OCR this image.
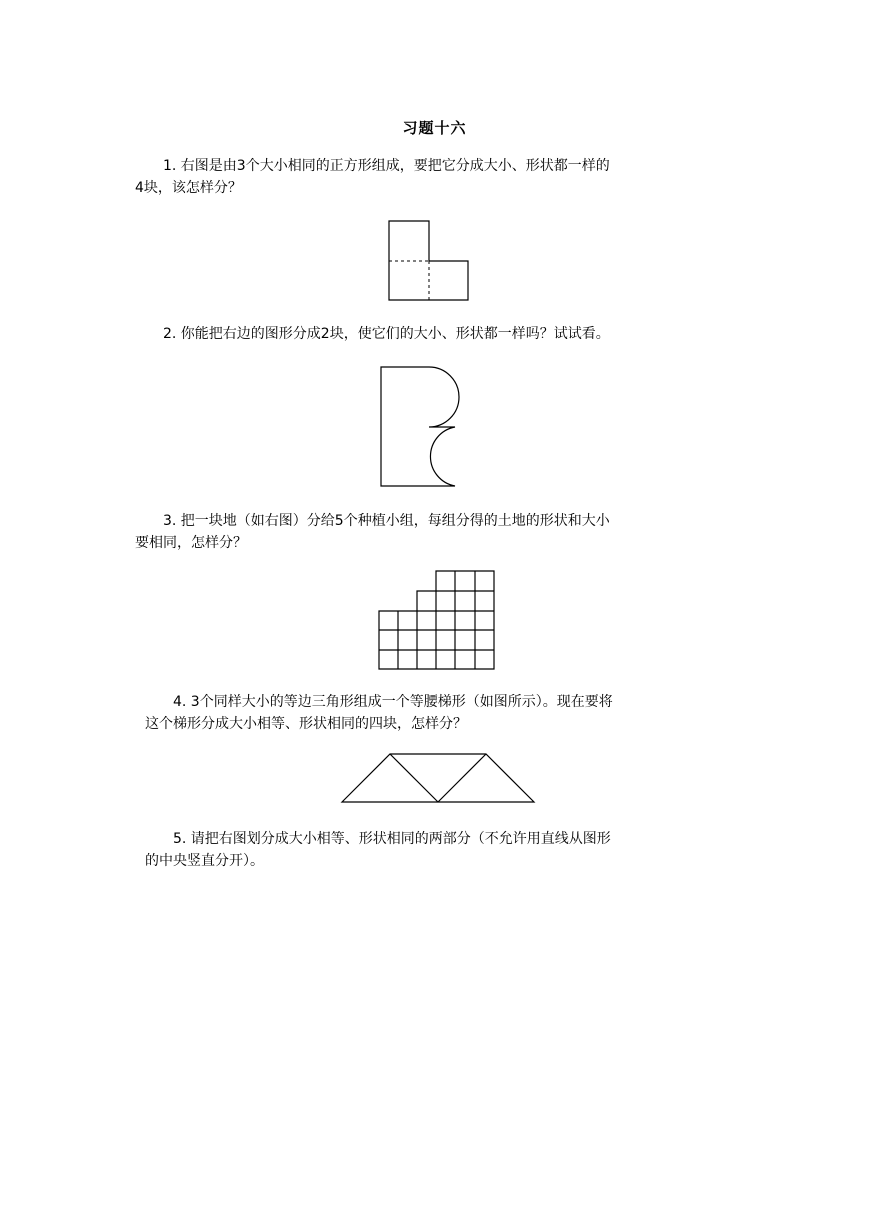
习题十六

1. 右图是由3个大小相同的正方形组成，要把它分成大小、形状都一样的
4块，该怎样分？

2. 你能把右边的图形分成2块，使它们的大小、形状都一样吗？试试看。

3. 把一块地（如右图）分给5个种植小组，每组分得的土地的形状和大小
要相同，怎样分？

4. 3个同样大小的等边三角形组成一个等腰梯形（如图所示）。现在要将
这个梯形分成大小相等、形状相同的四块，怎样分？

5. 请把右图划分成大小相等、形状相同的两部分（不允许用直线从图形
的中央竖直分开）。
